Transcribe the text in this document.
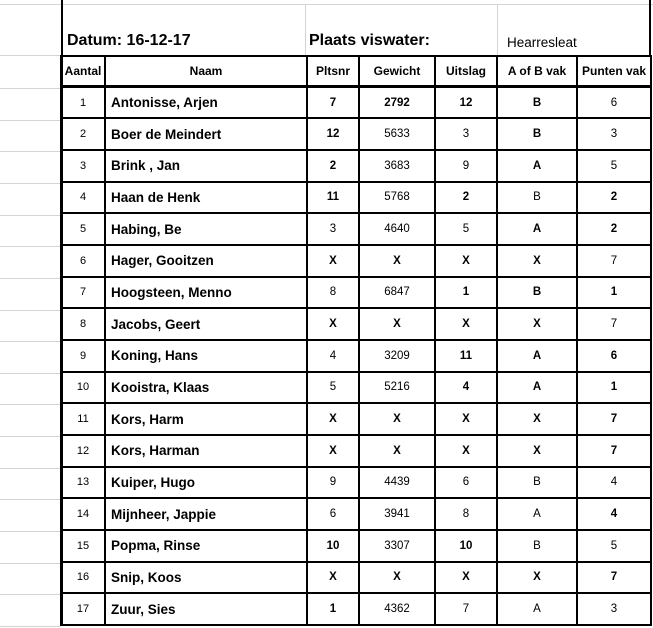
Datum: 16-12-17	Plaats viswater:	Hearresleat
Aantal	Naam	Pltsnr	Gewicht	Uitslag	A of B vak	Punten vak
1	Antonisse, Arjen	7	2792	12	B	6
2	Boer de Meindert	12	5633	3	B	3
3	Brink , Jan	2	3683	9	A	5
4	Haan de Henk	11	5768	2	B	2
5	Habing, Be	3	4640	5	A	2
6	Hager, Gooitzen	X	X	X	X	7
7	Hoogsteen, Menno	8	6847	1	B	1
8	Jacobs, Geert	X	X	X	X	7
9	Koning, Hans	4	3209	11	A	6
10	Kooistra, Klaas	5	5216	4	A	1
11	Kors, Harm	X	X	X	X	7
12	Kors, Harman	X	X	X	X	7
13	Kuiper, Hugo	9	4439	6	B	4
14	Mijnheer, Jappie	6	3941	8	A	4
15	Popma, Rinse	10	3307	10	B	5
16	Snip, Koos	X	X	X	X	7
17	Zuur, Sies	1	4362	7	A	3
